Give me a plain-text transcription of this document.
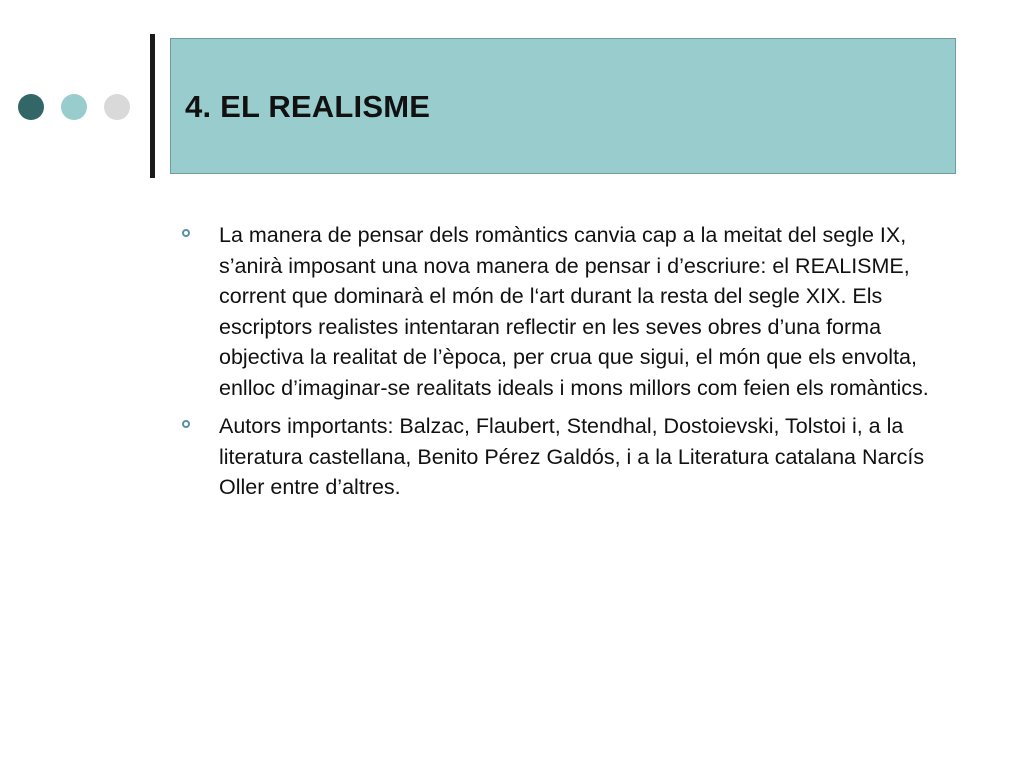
4. EL REALISME
La manera de pensar dels romàntics canvia cap a la meitat del segle IX, s’anirà imposant una nova manera de pensar i d’escriure: el REALISME, corrent que dominarà el món de l‘art durant la resta del segle XIX. Els escriptors realistes intentaran reflectir en les seves obres d’una forma objectiva la realitat de l’època, per crua que sigui, el món que els envolta, enlloc d’imaginar-se realitats ideals i mons millors com feien els romàntics.
Autors importants: Balzac, Flaubert, Stendhal, Dostoievski, Tolstoi i, a la literatura castellana, Benito Pérez Galdós, i a la Literatura catalana Narcís Oller entre d’altres.
